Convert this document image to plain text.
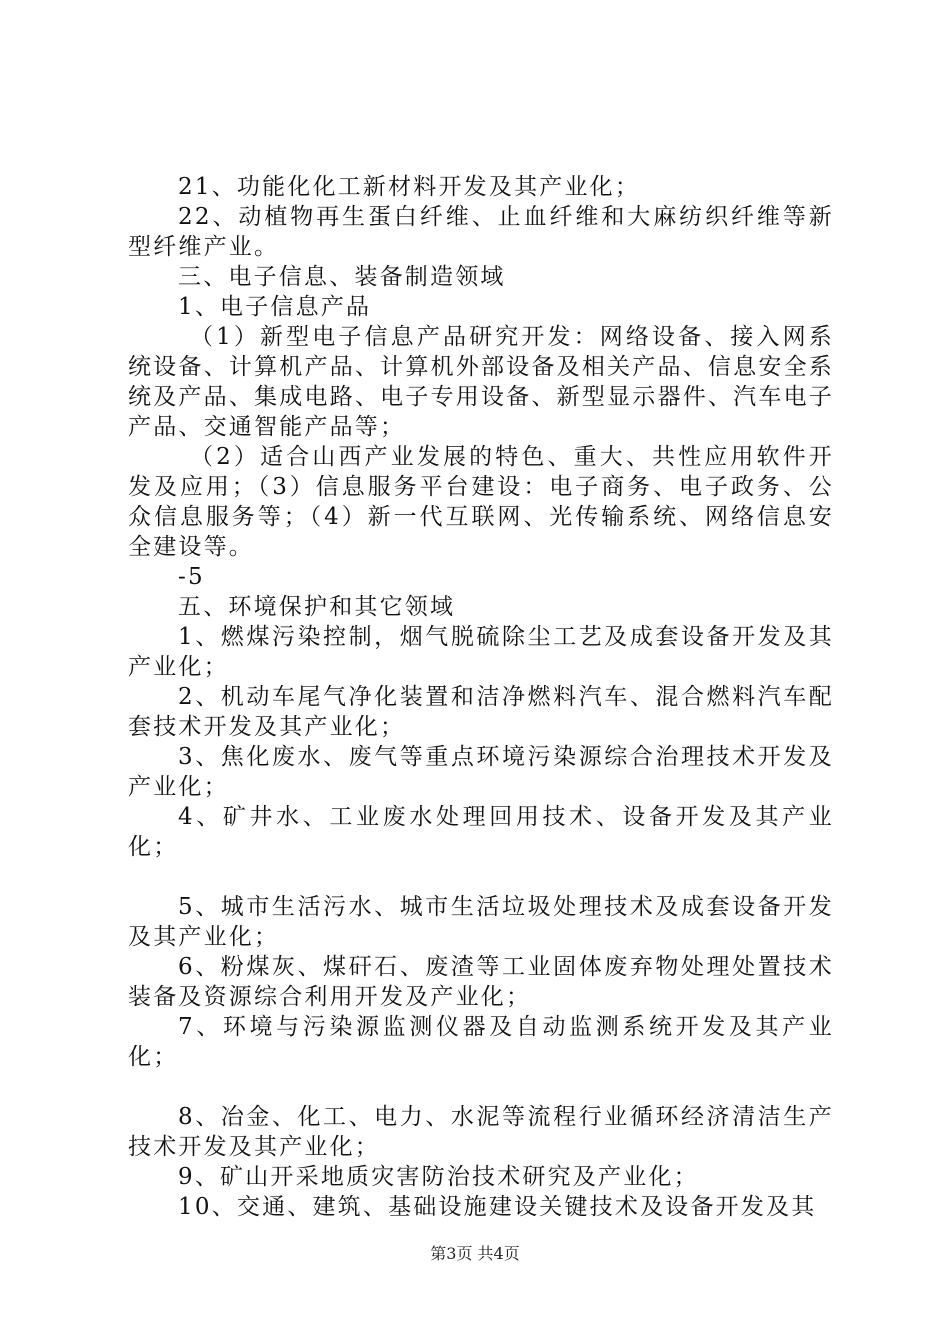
21、功能化化工新材料开发及其产业化；

22、动植物再生蛋白纤维、止血纤维和大麻纺织纤维等新型纤维产业。

三、电子信息、装备制造领域

1、电子信息产品

（1）新型电子信息产品研究开发：网络设备、接入网系统设备、计算机产品、计算机外部设备及相关产品、信息安全系统及产品、集成电路、电子专用设备、新型显示器件、汽车电子产品、交通智能产品等；

（2）适合山西产业发展的特色、重大、共性应用软件开发及应用；（3）信息服务平台建设：电子商务、电子政务、公众信息服务等；（4）新一代互联网、光传输系统、网络信息安全建设等。

-5

五、环境保护和其它领域

1、燃煤污染控制，烟气脱硫除尘工艺及成套设备开发及其产业化；

2、机动车尾气净化装置和洁净燃料汽车、混合燃料汽车配套技术开发及其产业化；

3、焦化废水、废气等重点环境污染源综合治理技术开发及产业化；

4、矿井水、工业废水处理回用技术、设备开发及其产业化；

5、城市生活污水、城市生活垃圾处理技术及成套设备开发及其产业化；

6、粉煤灰、煤矸石、废渣等工业固体废弃物处理处置技术装备及资源综合利用开发及产业化；

7、环境与污染源监测仪器及自动监测系统开发及其产业化；

8、冶金、化工、电力、水泥等流程行业循环经济清洁生产技术开发及其产业化；

9、矿山开采地质灾害防治技术研究及产业化；

10、交通、建筑、基础设施建设关键技术及设备开发及其

第3页 共4页
